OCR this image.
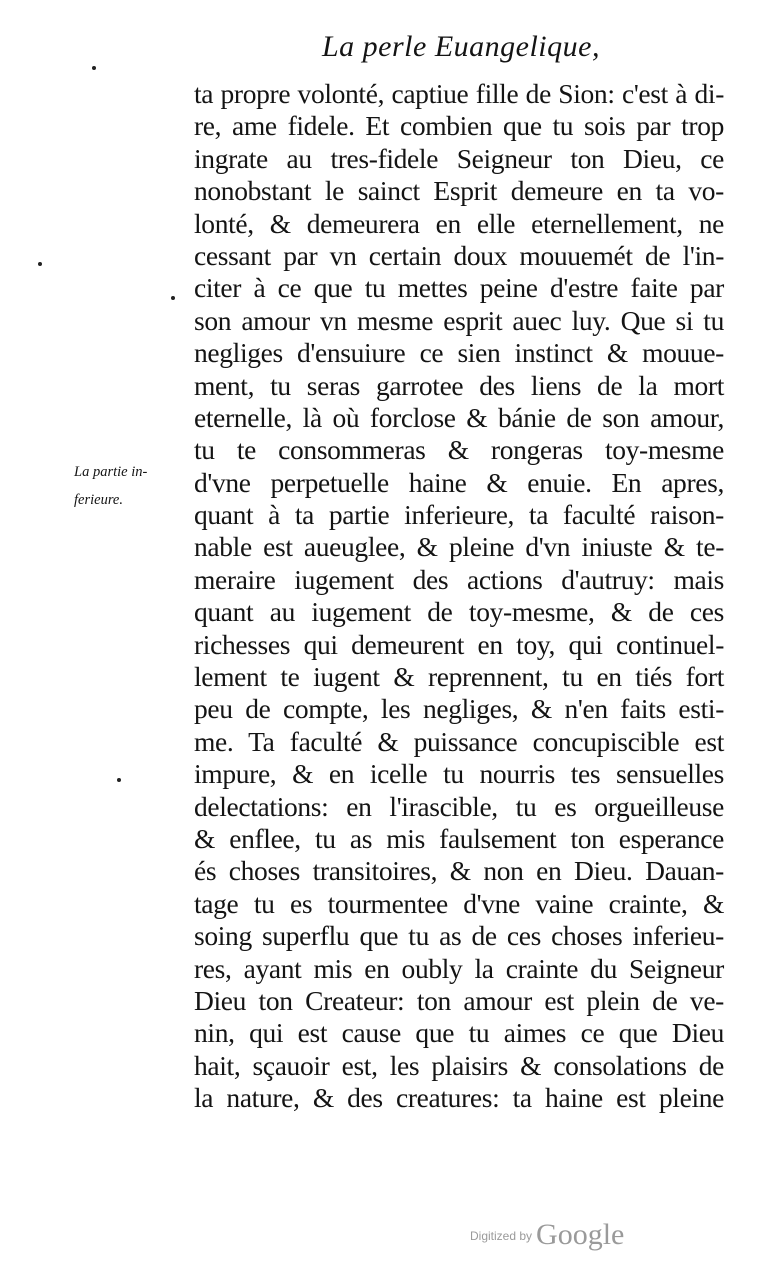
La perle Euangelique,
La partie in-
ferieure.
ta propre volonté, captiue fille de Sion: c'est à di-
re, ame fidele. Et combien que tu sois par trop
ingrate au tres-fidele Seigneur ton Dieu, ce
nonobstant le sainct Esprit demeure en ta vo-
lonté, & demeurera en elle eternellement, ne
cessant par vn certain doux mouuemét de l'in-
citer à ce que tu mettes peine d'estre faite par
son amour vn mesme esprit auec luy. Que si tu
negliges d'ensuiure ce sien instinct & mouue-
ment, tu seras garrotee des liens de la mort
eternelle, là où forclose & bánie de son amour,
tu te consommeras & rongeras toy-mesme
d'vne perpetuelle haine & enuie. En apres,
quant à ta partie inferieure, ta faculté raison-
nable est aueuglee, & pleine d'vn iniuste & te-
meraire iugement des actions d'autruy: mais
quant au iugement de toy-mesme, & de ces
richesses qui demeurent en toy, qui continuel-
lement te iugent & reprennent, tu en tiés fort
peu de compte, les negliges, & n'en faits esti-
me. Ta faculté & puissance concupiscible est
impure, & en icelle tu nourris tes sensuelles
delectations: en l'irascible, tu es orgueilleuse
& enflee, tu as mis faulsement ton esperance
és choses transitoires, & non en Dieu. Dauan-
tage tu es tourmentee d'vne vaine crainte, &
soing superflu que tu as de ces choses inferieu-
res, ayant mis en oubly la crainte du Seigneur
Dieu ton Createur: ton amour est plein de ve-
nin, qui est cause que tu aimes ce que Dieu
hait, sçauoir est, les plaisirs & consolations de
la nature, & des creatures: ta haine est pleine
$^{Digitized by}$ Google
